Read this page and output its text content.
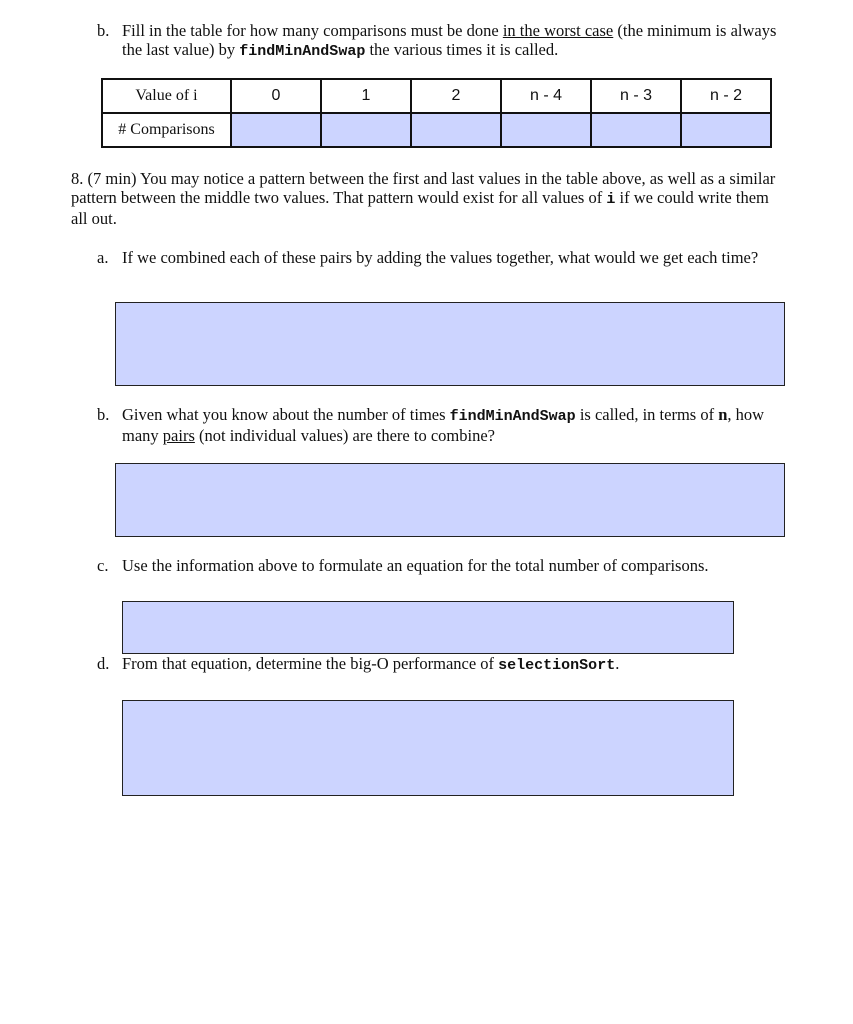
b. Fill in the table for how many comparisons must be done in the worst case (the minimum is always the last value) by findMinAndSwap the various times it is called.
Value of i	0	1	2	n - 4	n - 3	n - 2
# Comparisons						
8. (7 min) You may notice a pattern between the first and last values in the table above, as well as a similar pattern between the middle two values. That pattern would exist for all values of i if we could write them all out.
a. If we combined each of these pairs by adding the values together, what would we get each time?
b. Given what you know about the number of times findMinAndSwap is called, in terms of n, how many pairs (not individual values) are there to combine?
c. Use the information above to formulate an equation for the total number of comparisons.
d. From that equation, determine the big-O performance of selectionSort.
